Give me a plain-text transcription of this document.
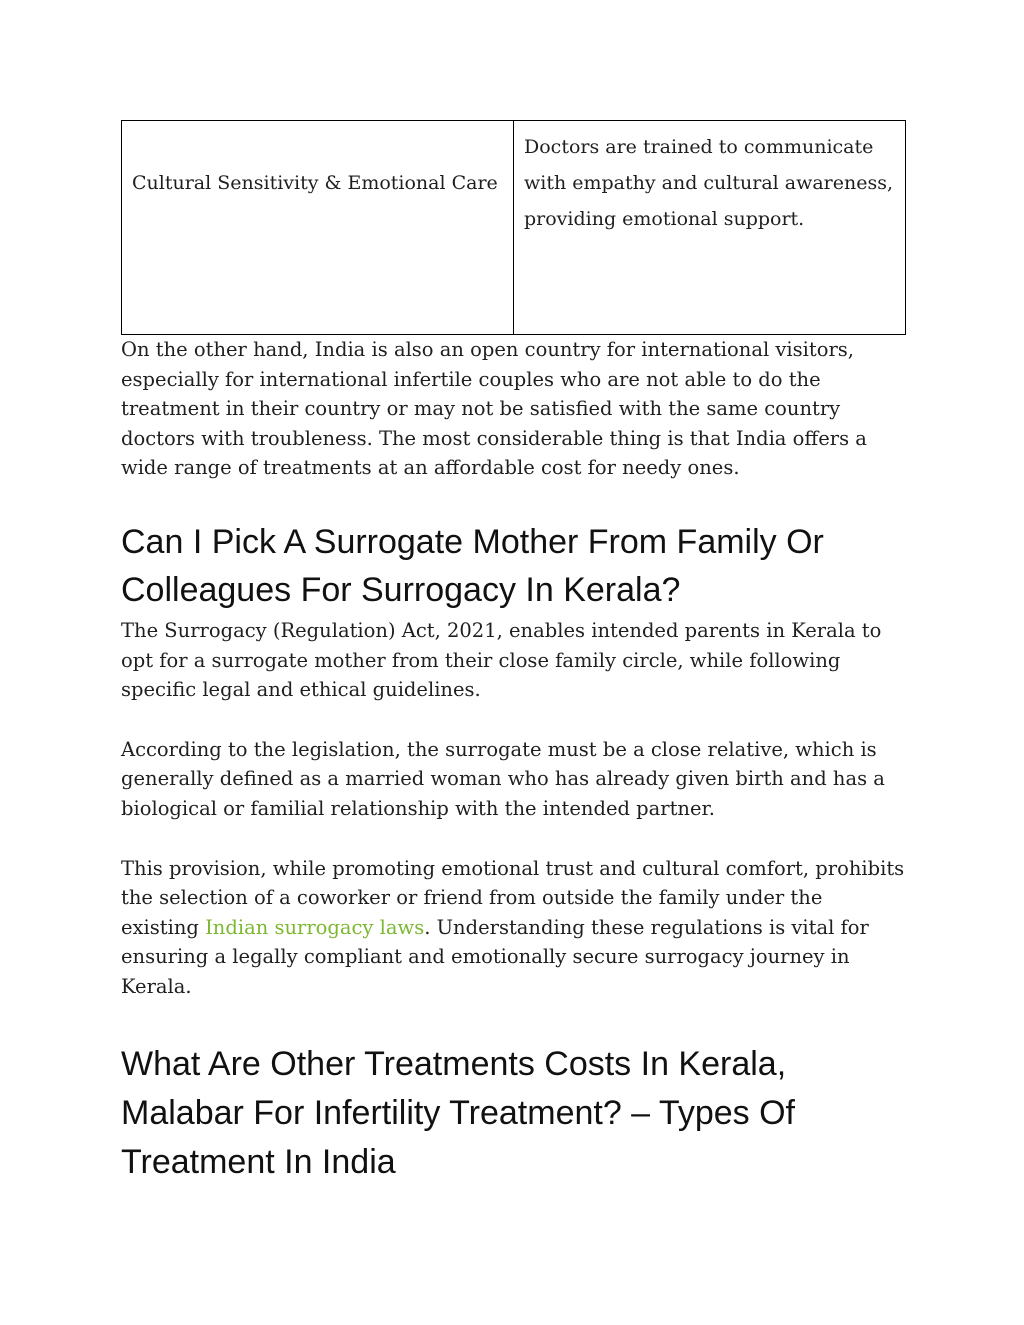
Cultural Sensitivity & Emotional Care	Doctors are trained to communicate with empathy and cultural awareness, providing emotional support.

On the other hand, India is also an open country for international visitors, especially for international infertile couples who are not able to do the treatment in their country or may not be satisfied with the same country doctors with troubleness. The most considerable thing is that India offers a wide range of treatments at an affordable cost for needy ones.

Can I Pick A Surrogate Mother From Family Or Colleagues For Surrogacy In Kerala?

The Surrogacy (Regulation) Act, 2021, enables intended parents in Kerala to opt for a surrogate mother from their close family circle, while following specific legal and ethical guidelines.

According to the legislation, the surrogate must be a close relative, which is generally defined as a married woman who has already given birth and has a biological or familial relationship with the intended partner.

This provision, while promoting emotional trust and cultural comfort, prohibits the selection of a coworker or friend from outside the family under the existing Indian surrogacy laws. Understanding these regulations is vital for ensuring a legally compliant and emotionally secure surrogacy journey in Kerala.

What Are Other Treatments Costs In Kerala, Malabar For Infertility Treatment? – Types Of Treatment In India
